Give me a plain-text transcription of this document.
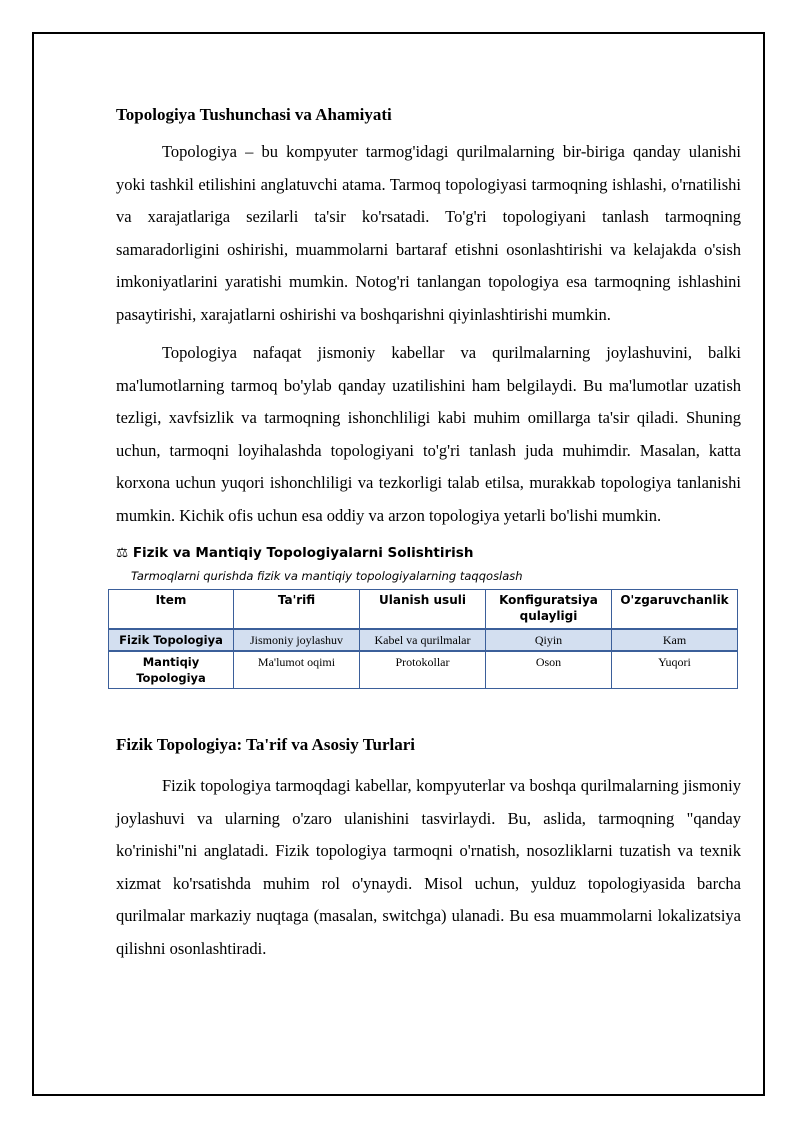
Topologiya Tushunchasi va Ahamiyati

Topologiya – bu kompyuter tarmog'idagi qurilmalarning bir-biriga qanday ulanishi yoki tashkil etilishini anglatuvchi atama. Tarmoq topologiyasi tarmoqning ishlashi, o'rnatilishi va xarajatlariga sezilarli ta'sir ko'rsatadi. To'g'ri topologiyani tanlash tarmoqning samaradorligini oshirishi, muammolarni bartaraf etishni osonlashtirishi va kelajakda o'sish imkoniyatlarini yaratishi mumkin. Notog'ri tanlangan topologiya esa tarmoqning ishlashini pasaytirishi, xarajatlarni oshirishi va boshqarishni qiyinlashtirishi mumkin.

Topologiya nafaqat jismoniy kabellar va qurilmalarning joylashuvini, balki ma'lumotlarning tarmoq bo'ylab qanday uzatilishini ham belgilaydi. Bu ma'lumotlar uzatish tezligi, xavfsizlik va tarmoqning ishonchliligi kabi muhim omillarga ta'sir qiladi. Shuning uchun, tarmoqni loyihalashda topologiyani to'g'ri tanlash juda muhimdir. Masalan, katta korxona uchun yuqori ishonchliligi va tezkorligi talab etilsa, murakkab topologiya tanlanishi mumkin. Kichik ofis uchun esa oddiy va arzon topologiya yetarli bo'lishi mumkin.

⚖ Fizik va Mantiqiy Topologiyalarni Solishtirish
Tarmoqlarni qurishda fizik va mantiqiy topologiyalarning taqqoslash
Item	Ta'rifi	Ulanish usuli	Konfiguratsiya qulayligi	O'zgaruvchanlik
Fizik Topologiya	Jismoniy joylashuv	Kabel va qurilmalar	Qiyin	Kam
Mantiqiy Topologiya	Ma'lumot oqimi	Protokollar	Oson	Yuqori
Fizik Topologiya: Ta'rif va Asosiy Turlari

Fizik topologiya tarmoqdagi kabellar, kompyuterlar va boshqa qurilmalarning jismoniy joylashuvi va ularning o'zaro ulanishini tasvirlaydi. Bu, aslida, tarmoqning "qanday ko'rinishi"ni anglatadi. Fizik topologiya tarmoqni o'rnatish, nosozliklarni tuzatish va texnik xizmat ko'rsatishda muhim rol o'ynaydi. Misol uchun, yulduz topologiyasida barcha qurilmalar markaziy nuqtaga (masalan, switchga) ulanadi. Bu esa muammolarni lokalizatsiya qilishni osonlashtiradi.
